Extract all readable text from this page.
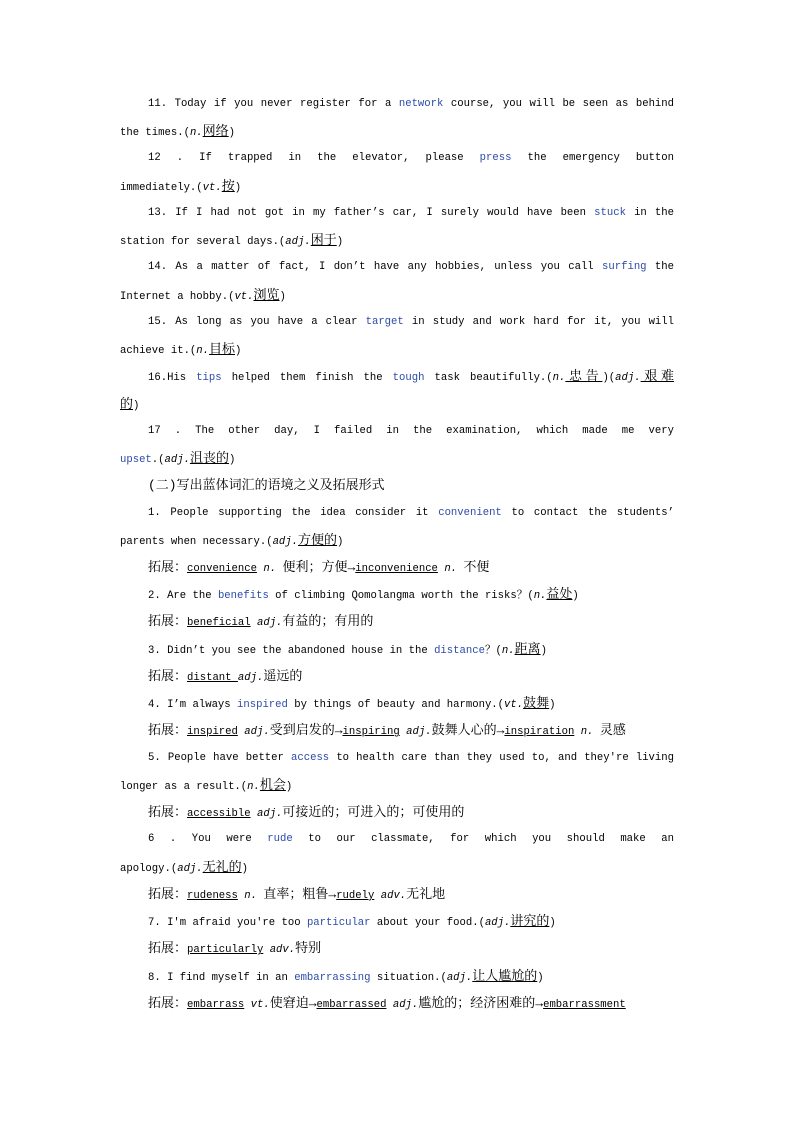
11. Today if you never register for a network course, you will be seen as behind
the times.(n.网络)
12 . If trapped in the elevator, please press the emergency button
immediately.(vt.按)
13. If I had not got in my father’s car, I surely would have been stuck in the
station for several days.(adj.困于)
14. As a matter of fact, I don’t have any hobbies, unless you call surfing the
Internet a hobby.(vt.浏览)
15. As long as you have a clear target in study and work hard for it, you will
achieve it.(n.目标)
16.His tips helped them finish the tough task beautifully.(n.忠告)(adj.艰难
的)
17 . The other day, I failed in the examination, which made me very
upset.(adj.沮丧的)
(二)写出蓝体词汇的语境之义及拓展形式
1. People supporting the idea consider it convenient to contact the students’
parents when necessary.(adj.方便的)
拓展：convenience n. 便利；方便→inconvenience n. 不便
2. Are the benefits of climbing Qomolangma worth the risks？(n.益处)
拓展：beneficial adj.有益的；有用的
3. Didn’t you see the abandoned house in the distance？(n.距离)
拓展：distant adj.遥远的
4. I’m always inspired by things of beauty and harmony.(vt.鼓舞)
拓展：inspired adj.受到启发的→inspiring adj.鼓舞人心的→inspiration n. 灵感
5. People have better access to health care than they used to, and they're living
longer as a result.(n.机会)
拓展：accessible adj.可接近的；可进入的；可使用的
6 . You were rude to our classmate, for which you should make an
apology.(adj.无礼的)
拓展：rudeness n. 直率；粗鲁→rudely adv.无礼地
7. I'm afraid you're too particular about your food.(adj.讲究的)
拓展：particularly adv.特别
8. I find myself in an embarrassing situation.(adj.让人尴尬的)
拓展：embarrass vt.使窘迫→embarrassed adj.尴尬的；经济困难的→embarrassment
